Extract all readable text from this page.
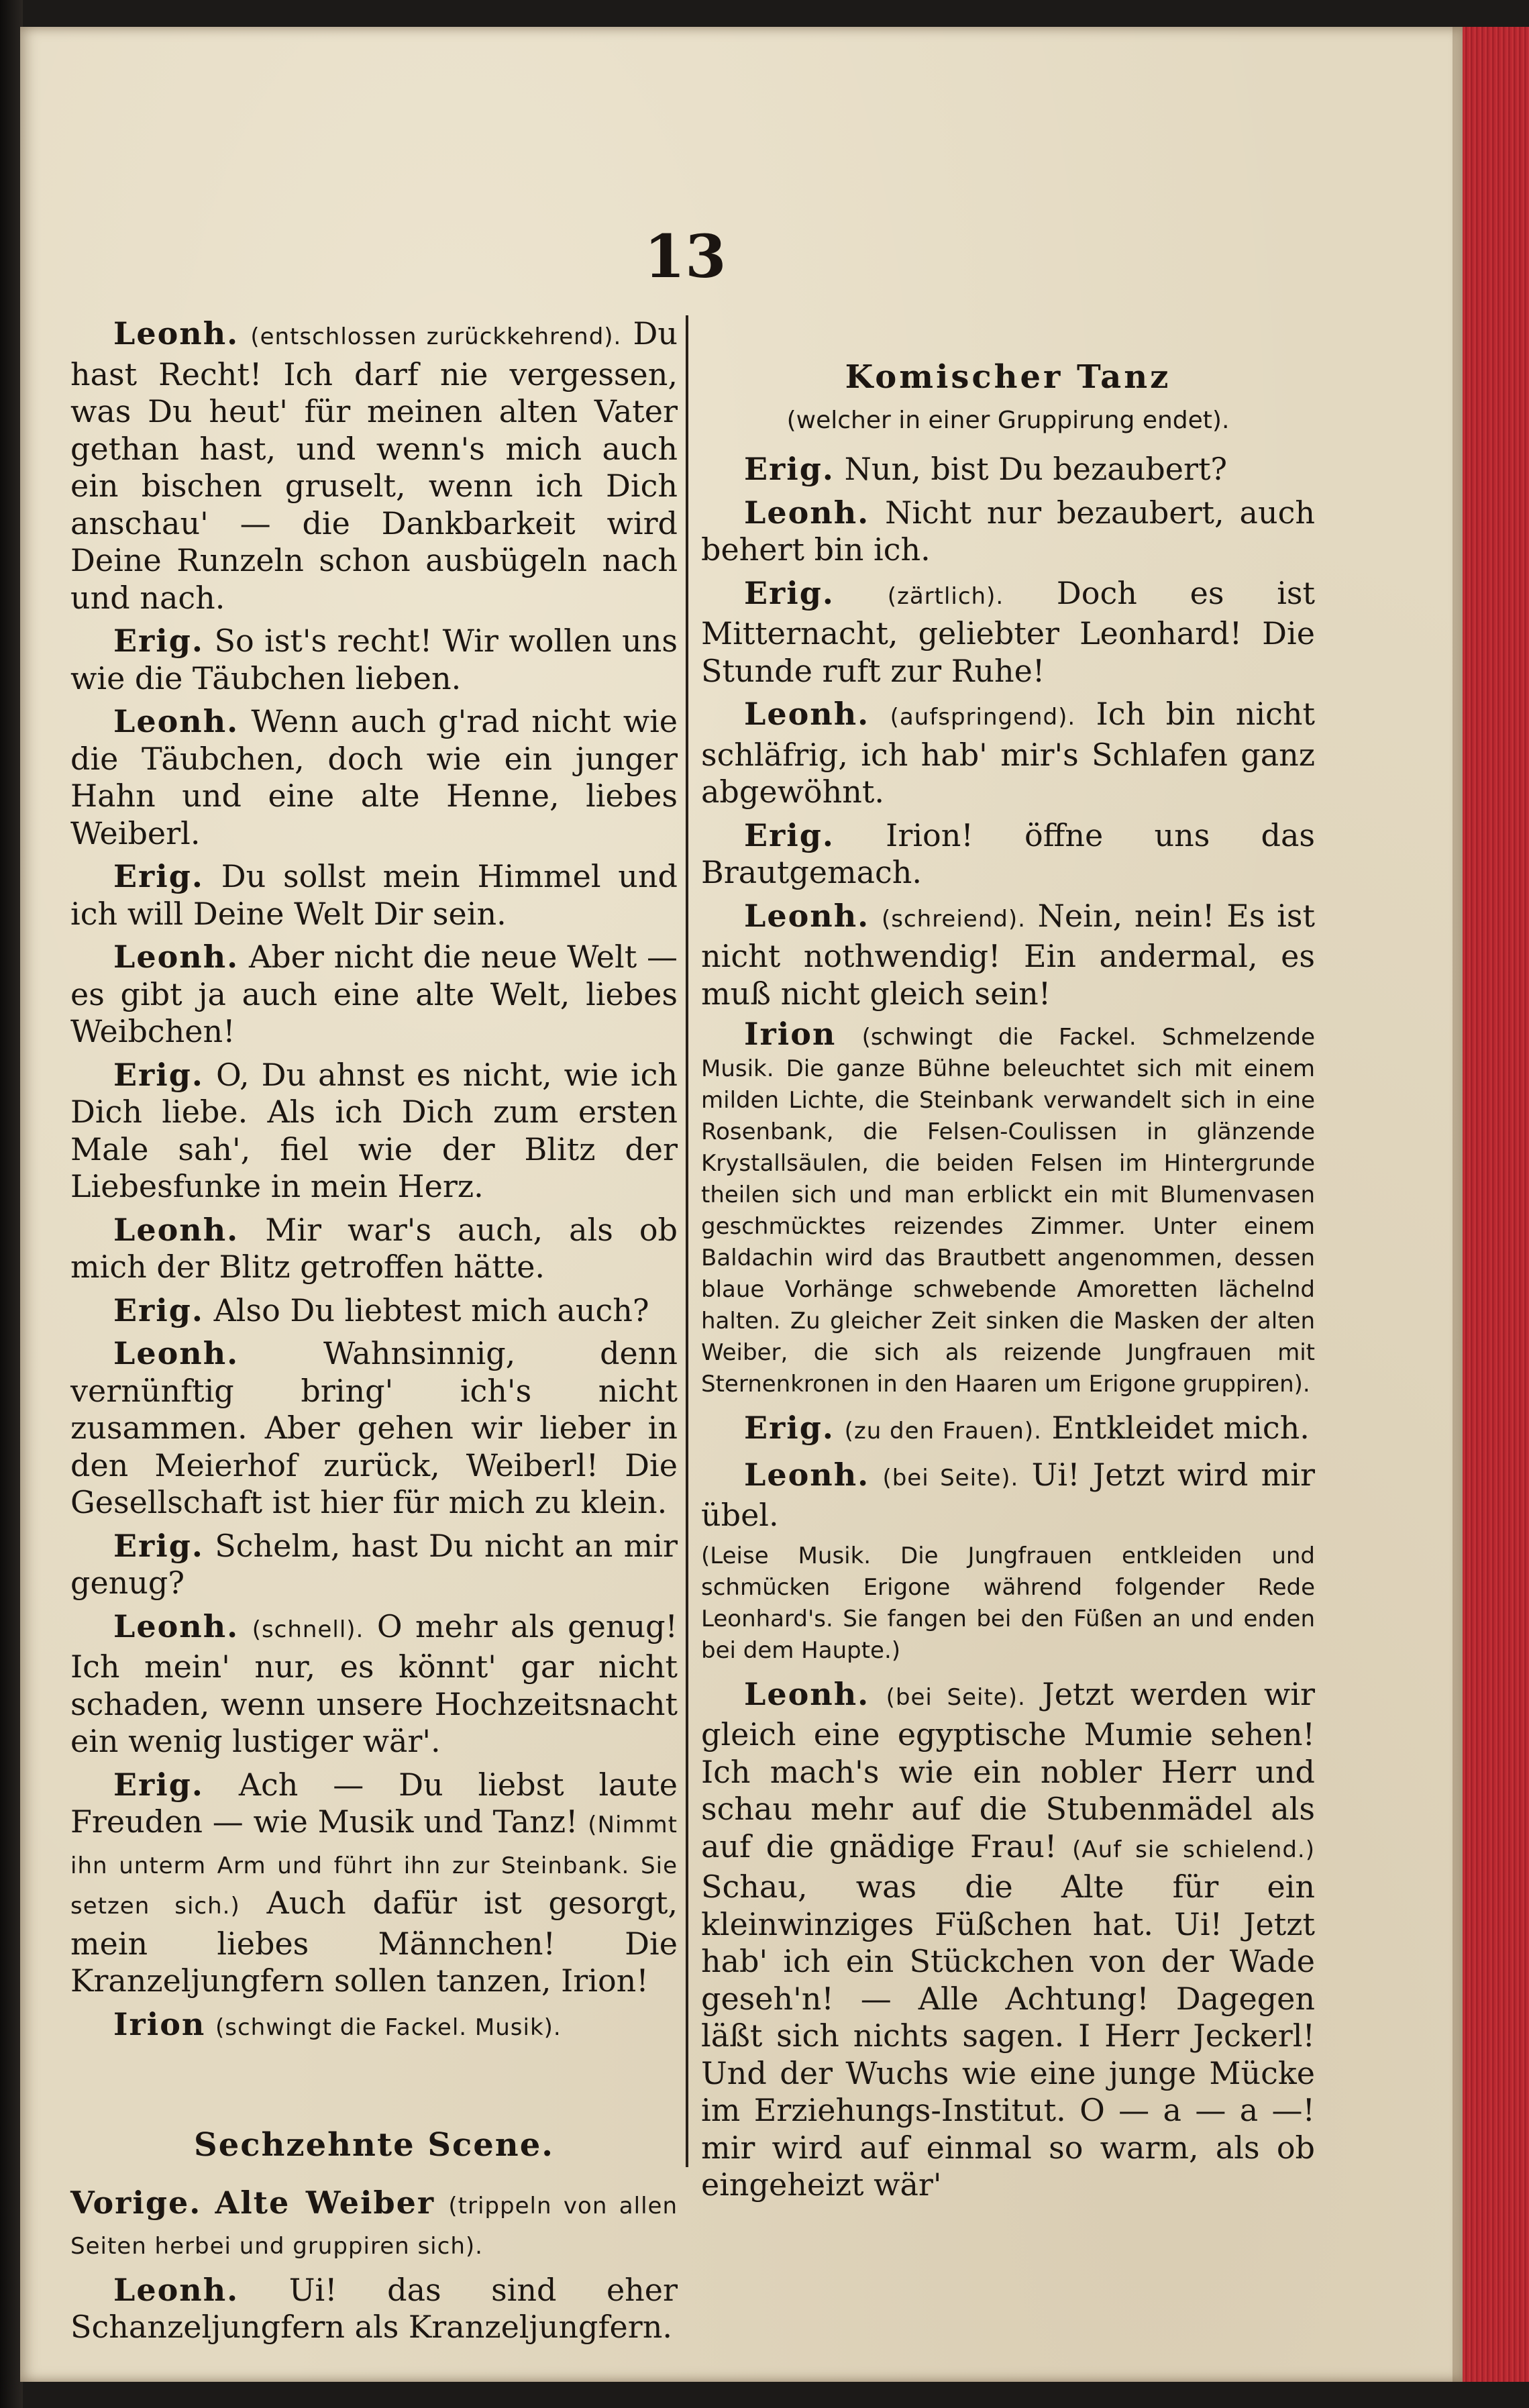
13

Leonh. (entschlossen zurückkehrend). Du hast Recht! Ich darf nie vergessen, was Du heut' für meinen alten Vater gethan hast, und wenn's mich auch ein bischen gruselt, wenn ich Dich anschau' — die Dankbarkeit wird Deine Runzeln schon ausbügeln nach und nach.

Erig. So ist's recht! Wir wollen uns wie die Täubchen lieben.

Leonh. Wenn auch g'rad nicht wie die Täubchen, doch wie ein junger Hahn und eine alte Henne, liebes Weiberl.

Erig. Du sollst mein Himmel und ich will Deine Welt Dir sein.

Leonh. Aber nicht die neue Welt — es gibt ja auch eine alte Welt, liebes Weibchen!

Erig. O, Du ahnst es nicht, wie ich Dich liebe. Als ich Dich zum ersten Male sah', fiel wie der Blitz der Liebesfunke in mein Herz.

Leonh. Mir war's auch, als ob mich der Blitz getroffen hätte.

Erig. Also Du liebtest mich auch?

Leonh.	Wahnsinnig, denn vernünftig bring' ich's nicht zusammen. Aber gehen wir lieber in den Meierhof zurück, Weiberl! Die Gesellschaft ist hier für mich zu klein.

Erig. Schelm, hast Du nicht an mir genug?

Leonh. (schnell). O mehr als genug! Ich mein' nur, es könnt' gar nicht schaden, wenn unsere Hochzeitsnacht ein wenig lustiger wär'.

Erig. Ach — Du liebst laute Freuden — wie Musik und Tanz! (Nimmt ihn unterm Arm und führt ihn zur Steinbank. Sie setzen sich.) Auch dafür ist gesorgt, mein liebes Männchen! Die Kranzeljungfern sollen tanzen, Irion!

Irion (schwingt die Fackel. Musik).

Sechzehnte Scene.

Vorige. Alte Weiber (trippeln von allen Seiten herbei und gruppiren sich).

Leonh. Ui! das sind eher Schanzeljungfern als Kranzeljungfern.

Komischer Tanz
(welcher in einer Gruppirung endet).

Erig. Nun, bist Du bezaubert?

Leonh. Nicht nur bezaubert, auch behert bin ich.

Erig. (zärtlich). Doch es ist Mitternacht, geliebter Leonhard! Die Stunde ruft zur Ruhe!

Leonh. (aufspringend). Ich bin nicht schläfrig, ich hab' mir's Schlafen ganz abgewöhnt.

Erig. Irion! öffne uns das Brautgemach.

Leonh. (schreiend). Nein, nein! Es ist nicht nothwendig! Ein andermal, es muß nicht gleich sein!

Irion (schwingt die Fackel. Schmelzende Musik. Die ganze Bühne beleuchtet sich mit einem milden Lichte, die Steinbank verwandelt sich in eine Rosenbank, die Felsen-Coulissen in glänzende Krystallsäulen, die beiden Felsen im Hintergrunde theilen sich und man erblickt ein mit Blumenvasen geschmücktes reizendes Zimmer. Unter einem Baldachin wird das Brautbett angenommen, dessen blaue Vorhänge schwebende Amoretten lächelnd halten. Zu gleicher Zeit sinken die Masken der alten Weiber, die sich als reizende Jungfrauen mit Sternenkronen in den Haaren um Erigone gruppiren).

Erig. (zu den Frauen). Entkleidet mich.

Leonh. (bei Seite). Ui! Jetzt wird mir übel.

(Leise Musik. Die Jungfrauen entkleiden und schmücken Erigone während folgender Rede Leonhard's. Sie fangen bei den Füßen an und enden bei dem Haupte.)

Leonh. (bei Seite). Jetzt werden wir gleich eine egyptische Mumie sehen! Ich mach's wie ein nobler Herr und schau mehr auf die Stubenmädel als auf die gnädige Frau! (Auf sie schielend.) Schau, was die Alte für ein kleinwinziges Füßchen hat. Ui! Jetzt hab' ich ein Stückchen von der Wade geseh'n! — Alle Achtung! Dagegen läßt sich nichts sagen. I Herr Jeckerl! Und der Wuchs wie eine junge Mücke im Erziehungs-Institut. O — a — a —! mir wird auf einmal so warm, als ob eingeheizt wär'
